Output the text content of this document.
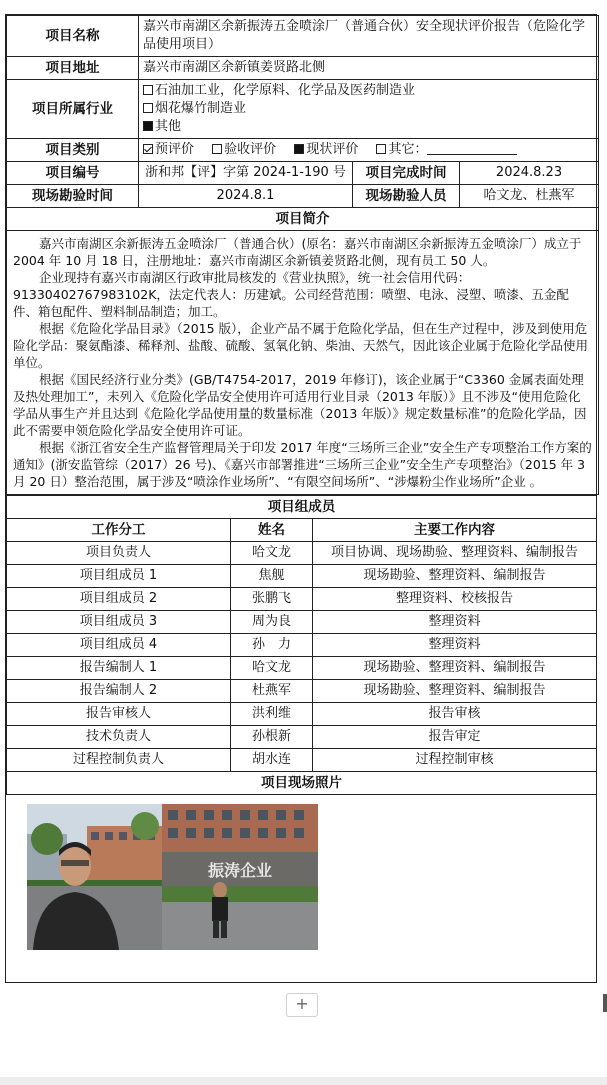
项目名称	嘉兴市南湖区余新振涛五金喷涂厂（普通合伙）安全现状评价报告（危险化学品使用项目）		
项目地址	嘉兴市南湖区余新镇姜贤路北侧		
项目所属行业	石油加工业，化学原料、化学品及医药制造业
烟花爆竹制造业
其他		

项目类别	预评价 验收评价 现状评价 其它：		
项目编号	浙和邦【评】字第 2024-1-190 号	项目完成时间	2024.8.23
现场勘验时间	2024.8.1	现场勘验人员	哈文龙、杜燕军
项目简介			

嘉兴市南湖区余新振涛五金喷涂厂（普通合伙）(原名：嘉兴市南湖区余新振涛五金喷涂厂）成立于 2004 年 10 月 18 日，注册地址：嘉兴市南湖区余新镇姜贤路北侧，现有员工 50 人。

企业现持有嘉兴市南湖区行政审批局核发的《营业执照》，统一社会信用代码：91330402767983102K，法定代表人：历建斌。公司经营范围：喷塑、电泳、浸塑、喷漆、五金配件、箱包配件、塑料制品制造；加工。

根据《危险化学品目录》（2015 版），企业产品不属于危险化学品，但在生产过程中，涉及到使用危险化学品：聚氨酯漆、稀释剂、盐酸、硫酸、氢氧化钠、柴油、天然气，因此该企业属于危险化学品使用单位。

根据《国民经济行业分类》(GB/T4754-2017，2019 年修订)，该企业属于“C3360 金属表面处理及热处理加工”，未列入《危险化学品安全使用许可适用行业目录（2013 年版）》且不涉及“使用危险化学品从事生产并且达到《危险化学品使用量的数量标准（2013 年版）》规定数量标准”的危险化学品，因此不需要申领危险化学品安全使用许可证。

根据《浙江省安全生产监督管理局关于印发 2017 年度“三场所三企业”安全生产专项整治工作方案的通知》(浙安监管综（2017）26 号)、《嘉兴市部署推进“三场所三企业”安全生产专项整治》（2015 年 3 月 20 日）整治范围，属于涉及“喷涂作业场所”、“有限空间场所”、“涉爆粉尘作业场所”企业 。			

项目组成员		
工作分工	姓名	主要工作内容
项目负责人	哈文龙	项目协调、现场勘验、整理资料、编制报告
项目组成员 1	焦舰	现场勘验、整理资料、编制报告
项目组成员 2	张鹏飞	整理资料、校核报告
项目组成员 3	周为良	整理资料
项目组成员 4	孙　力	整理资料
报告编制人 1	哈文龙	现场勘验、整理资料、编制报告
报告编制人 2	杜燕军	现场勘验、整理资料、编制报告
报告审核人	洪利维	报告审核
技术负责人	孙根新	报告审定
过程控制负责人	胡水连	过程控制审核
项目现场照片		
振涛企业
+
